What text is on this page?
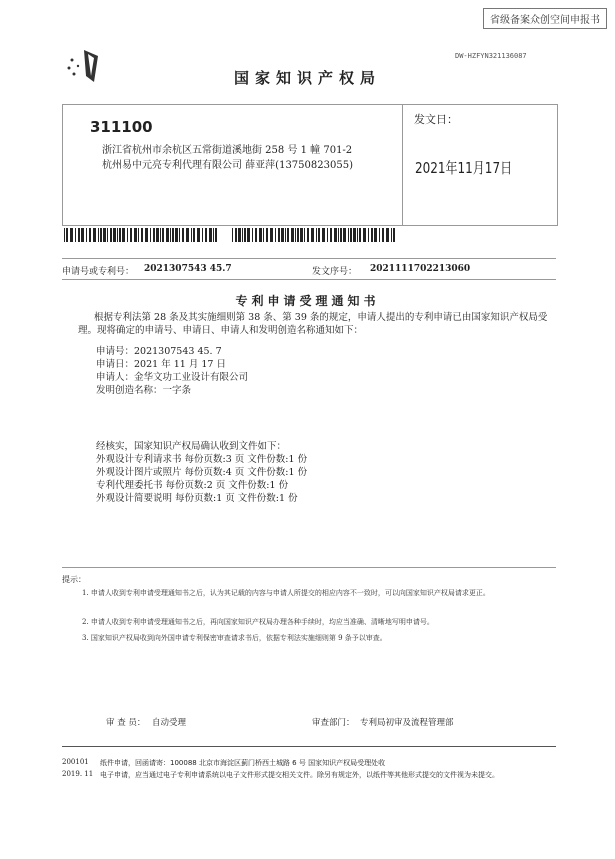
省级备案众创空间申报书
DW-HZFYN321136087
国家知识产权局
311100
浙江省杭州市余杭区五常街道溪地街 258 号 1 幢 701-2
杭州易中元亮专利代理有限公司 薛亚萍(13750823055)
发文日：
2021年11月17日
申请号或专利号： 2021307543 45.7	发文序号： 2021111702213060
专利申请受理通知书
根据专利法第 28 条及其实施细则第 38 条、第 39 条的规定，申请人提出的专利申请已由国家知识产权局受理。现将确定的申请号、申请日、申请人和发明创造名称通知如下：
申请号：2021307543 45. 7
申请日：2021 年 11 月 17 日
申请人：金华文功工业设计有限公司
发明创造名称：一字条
经核实，国家知识产权局确认收到文件如下：
外观设计专利请求书 每份页数:3 页 文件份数:1 份
外观设计图片或照片 每份页数:4 页 文件份数:1 份
专利代理委托书 每份页数:2 页 文件份数:1 份
外观设计简要说明 每份页数:1 页 文件份数:1 份
提示：
1. 申请人收到专利申请受理通知书之后，认为其记载的内容与申请人所提交的相应内容不一致时，可以向国家知识产权局请求更正。
2. 申请人收到专利申请受理通知书之后，再向国家知识产权局办理各种手续时，均应当准确、清晰地写明申请号。
3. 国家知识产权局收到向外国申请专利保密审查请求书后，依据专利法实施细则第 9 条予以审查。
审 查 员： 自动受理	审查部门： 专利局初审及流程管理部
200101
2019. 11
纸件申请，回函请寄：100088 北京市海淀区蓟门桥西土城路 6 号 国家知识产权局受理处收
电子申请，应当通过电子专利申请系统以电子文件形式提交相关文件。除另有规定外，以纸件等其他形式提交的文件视为未提交。
